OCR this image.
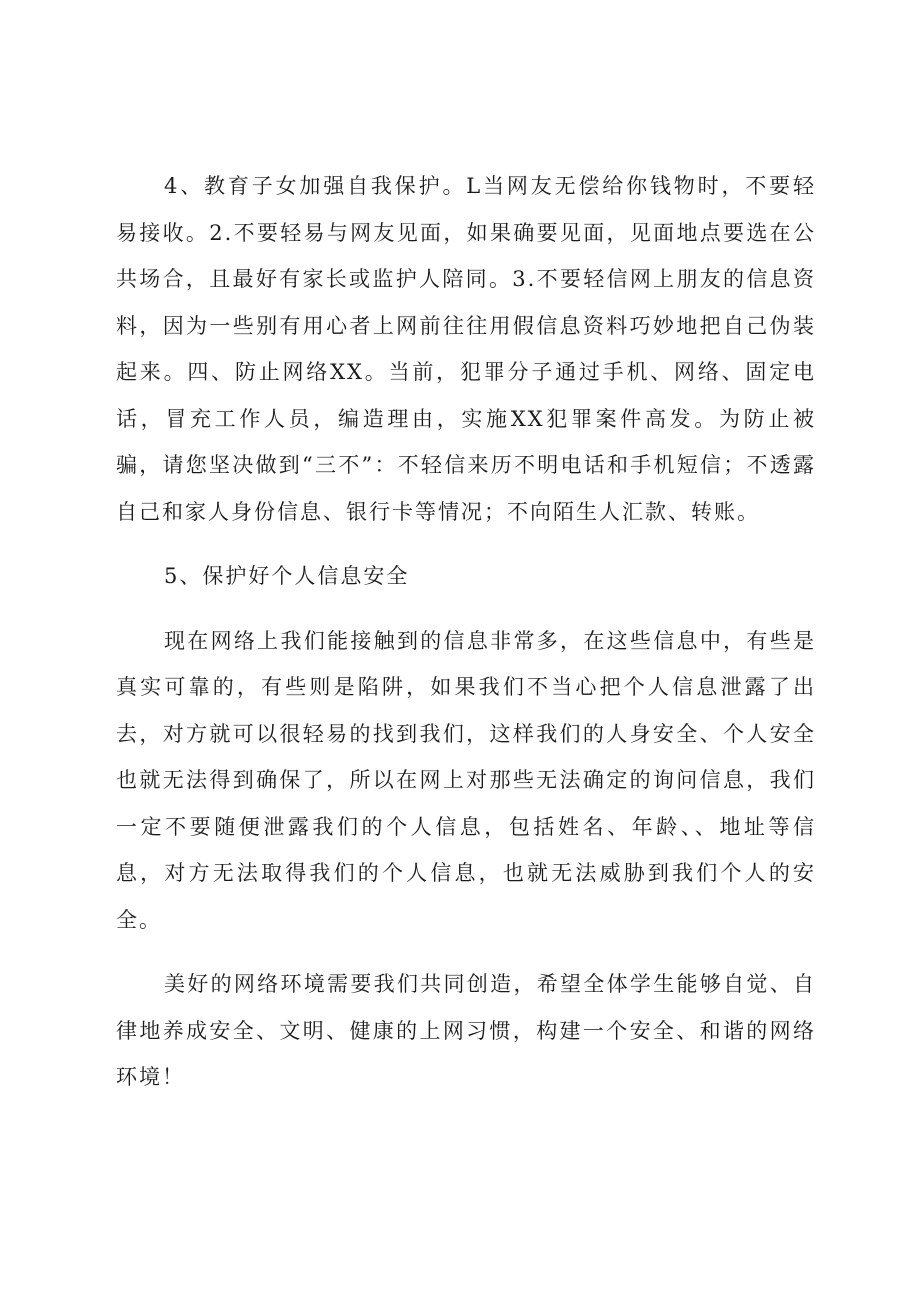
4、教育子女加强自我保护。L当网友无偿给你钱物时，不要轻易接收。2.不要轻易与网友见面，如果确要见面，见面地点要选在公共场合，且最好有家长或监护人陪同。3.不要轻信网上朋友的信息资料，因为一些别有用心者上网前往往用假信息资料巧妙地把自己伪装起来。四、防止网络XX。当前，犯罪分子通过手机、网络、固定电话，冒充工作人员，编造理由，实施XX犯罪案件高发。为防止被骗，请您坚决做到“三不”：不轻信来历不明电话和手机短信；不透露自己和家人身份信息、银行卡等情况；不向陌生人汇款、转账。

5、保护好个人信息安全

现在网络上我们能接触到的信息非常多，在这些信息中，有些是真实可靠的，有些则是陷阱，如果我们不当心把个人信息泄露了出去，对方就可以很轻易的找到我们，这样我们的人身安全、个人安全也就无法得到确保了，所以在网上对那些无法确定的询问信息，我们一定不要随便泄露我们的个人信息，包括姓名、年龄、、地址等信息，对方无法取得我们的个人信息，也就无法威胁到我们个人的安全。

美好的网络环境需要我们共同创造，希望全体学生能够自觉、自律地养成安全、文明、健康的上网习惯，构建一个安全、和谐的网络环境！
